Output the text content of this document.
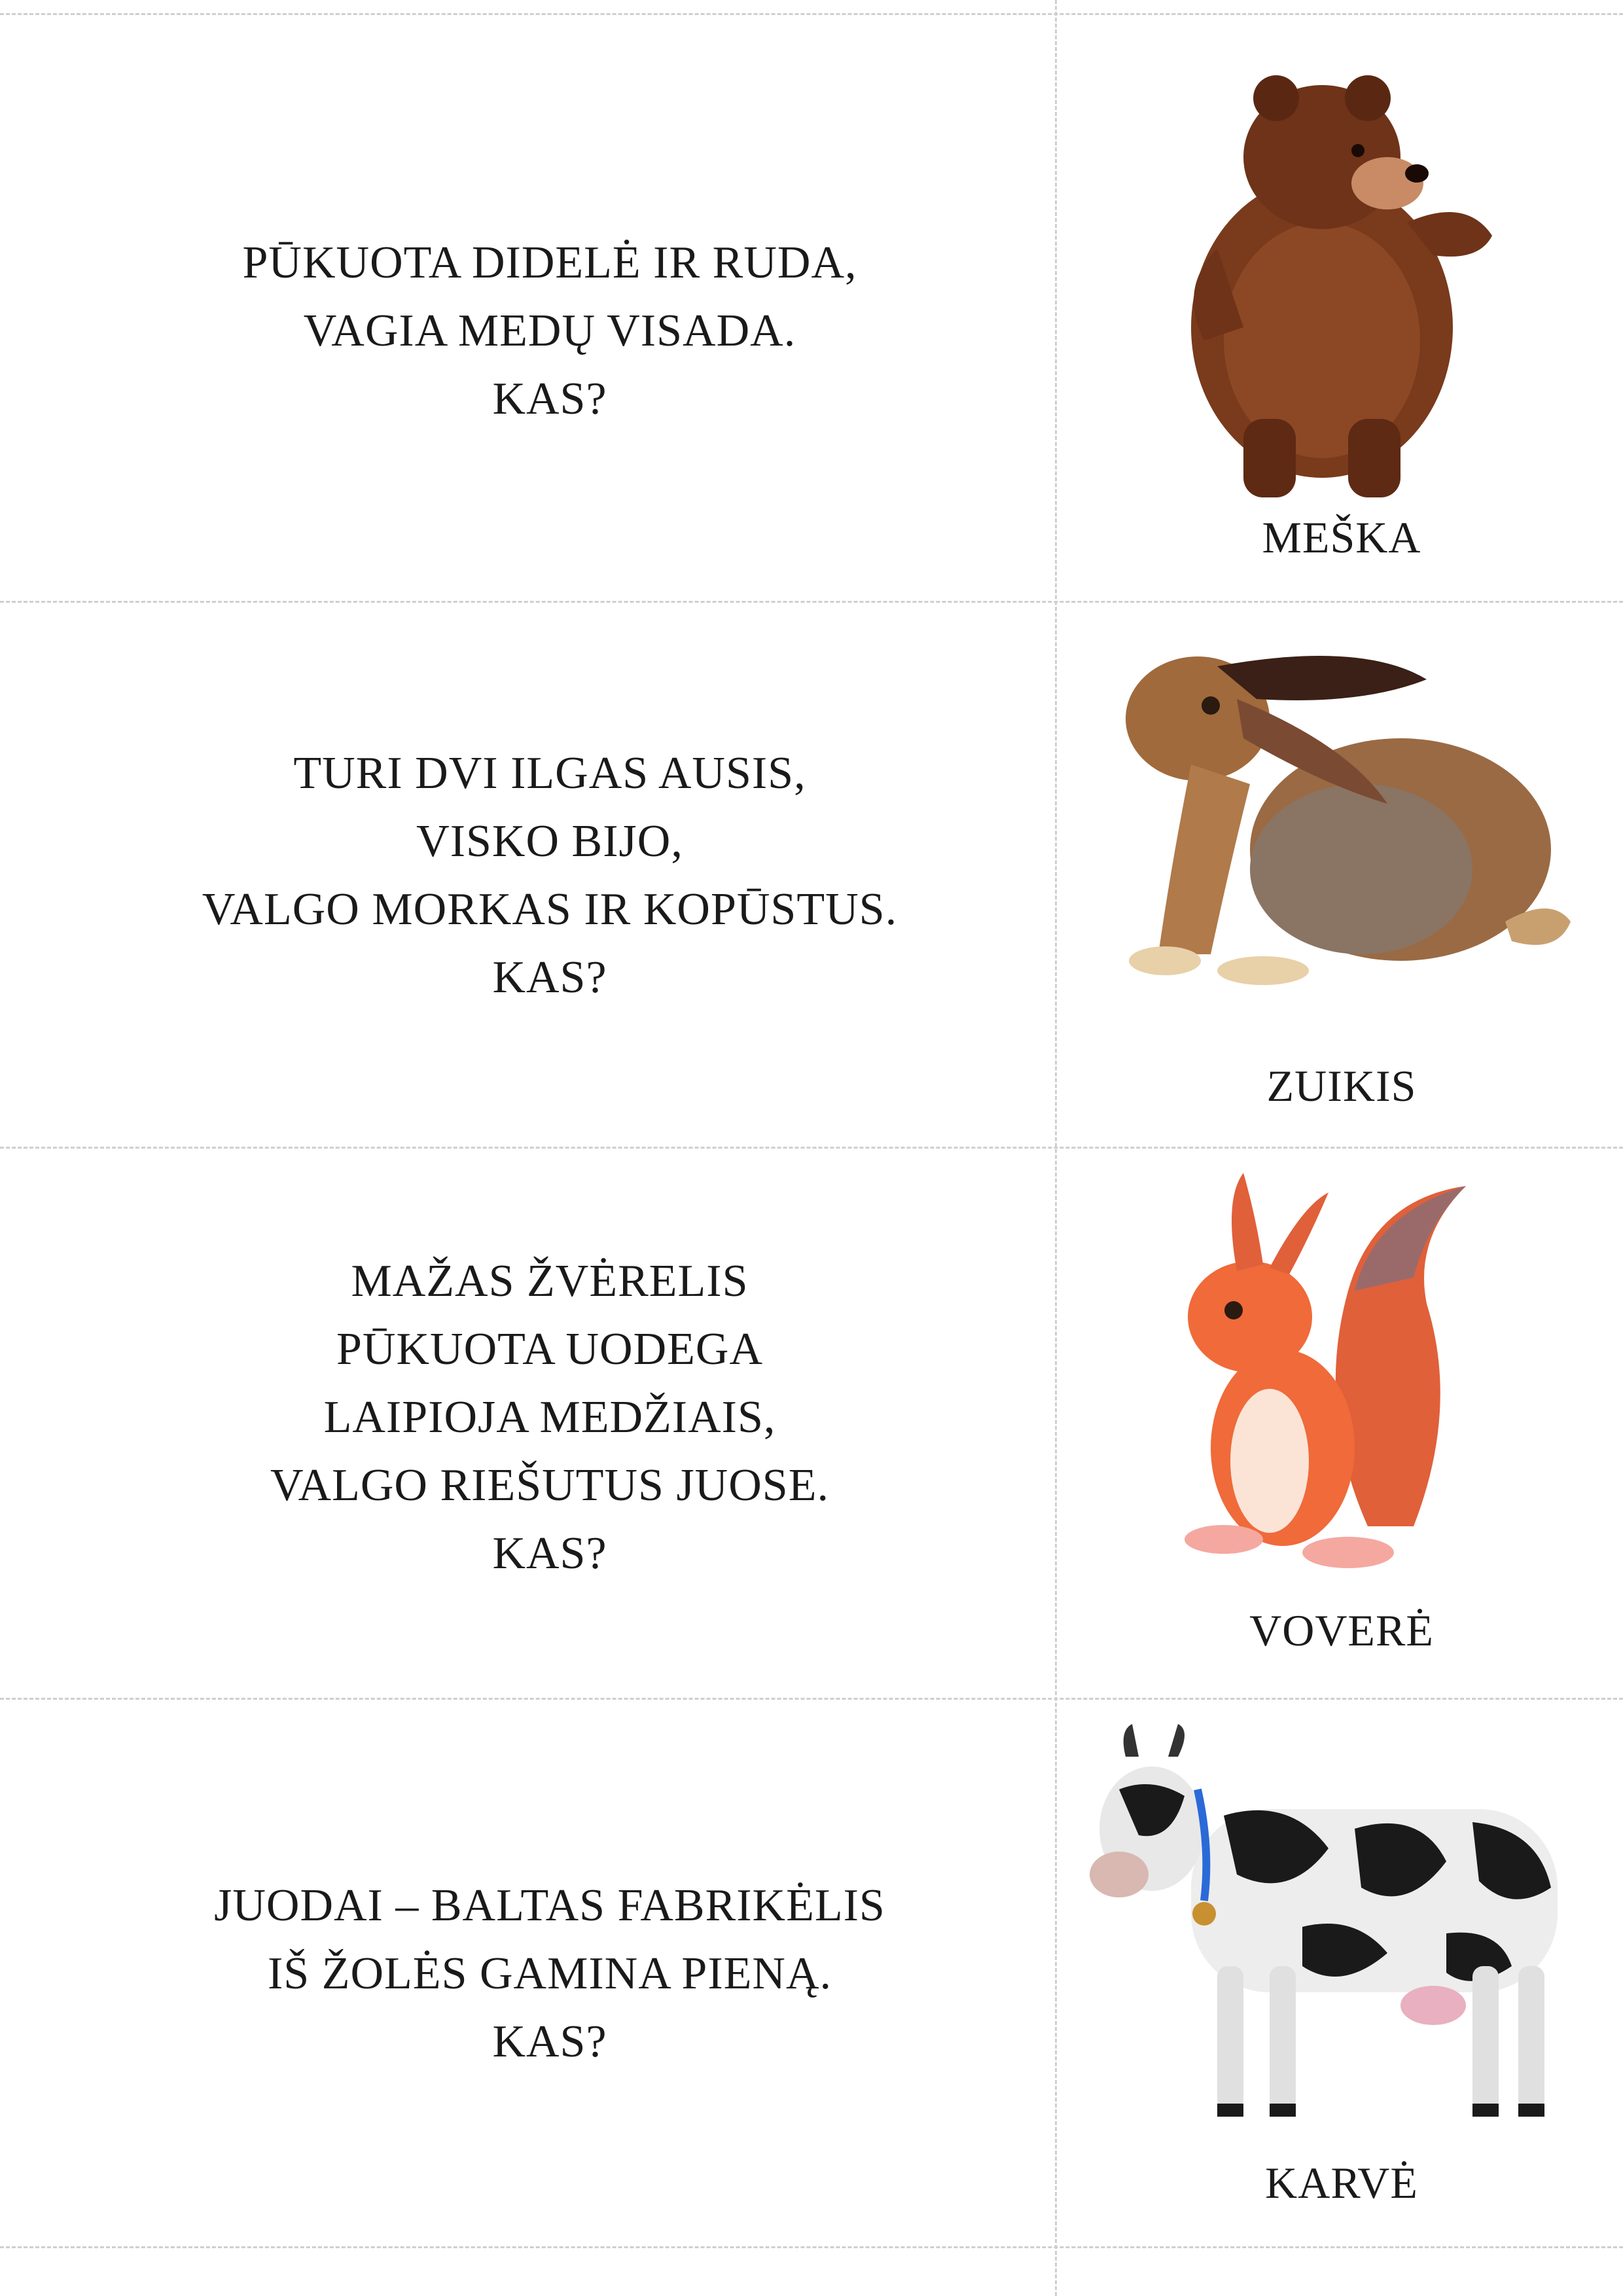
PŪKUOTA DIDELĖ IR RUDA,
VAGIA MEDŲ VISADA.
KAS?
MEŠKA
TURI DVI ILGAS AUSIS,
VISKO BIJO,
VALGO MORKAS IR KOPŪSTUS.
KAS?
ZUIKIS
MAŽAS ŽVĖRELIS
PŪKUOTA UODEGA
LAIPIOJA MEDŽIAIS,
VALGO RIEŠUTUS JUOSE.
KAS?
VOVERĖ
JUODAI – BALTAS FABRIKĖLIS
IŠ ŽOLĖS GAMINA PIENĄ.
KAS?
KARVĖ
